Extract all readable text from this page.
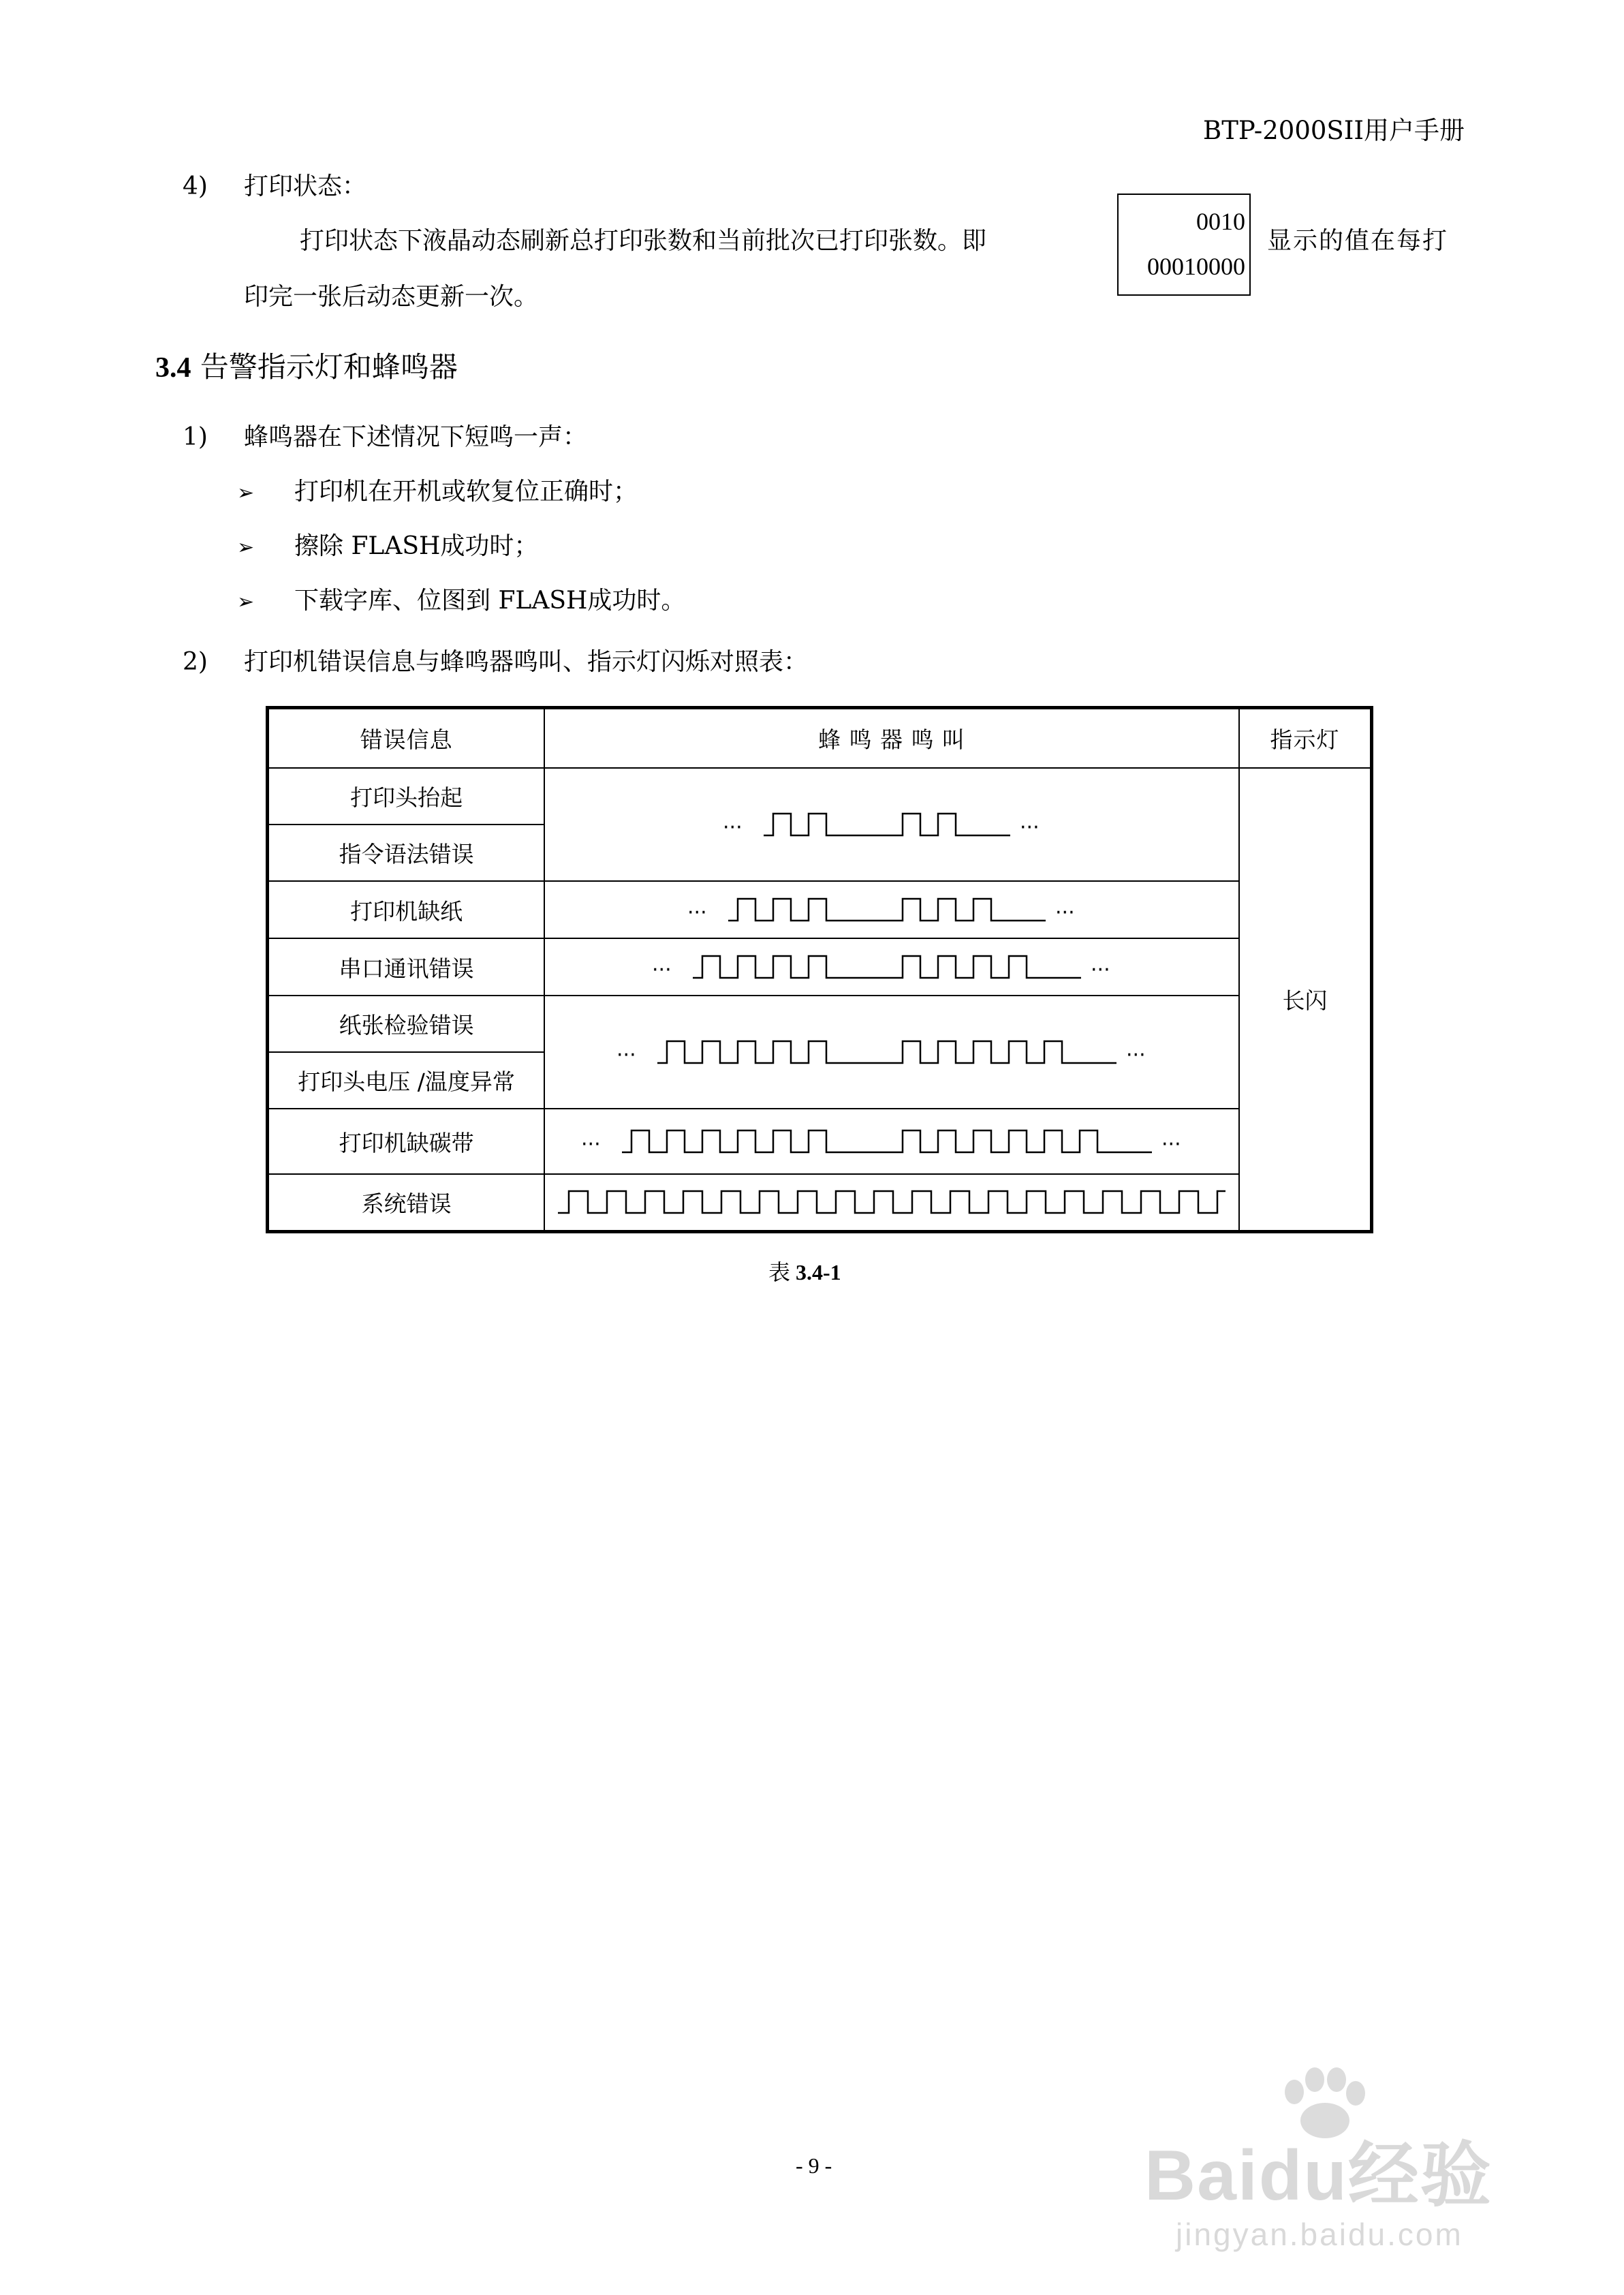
BTP-2000SII用户手册
4) 打印状态：
打印状态下液晶动态刷新总打印张数和当前批次已打印张数。即
0010
00010000
显示的值在每打
印完一张后动态更新一次。
3.4 告警指示灯和蜂鸣器
1) 蜂鸣器在下述情况下短鸣一声：
➢ 打印机在开机或软复位正确时；
➢ 擦除 FLASH成功时；
➢ 下载字库、位图到 FLASH成功时。
2) 打印机错误信息与蜂鸣器鸣叫、指示灯闪烁对照表：
错误信息	蜂 鸣 器 鸣 叫	指示灯
打印头抬起	··· ···	长闪
指令语法错误		
打印机缺纸	··· ···	

串口通讯错误	··· ···	

纸张检验错误	··· ···	

打印头电压 /温度异常		
打印机缺碳带	··· ···	

系统错误	
表 3.4-1
- 9 -	Baidu经验
jingyan.baidu.com
